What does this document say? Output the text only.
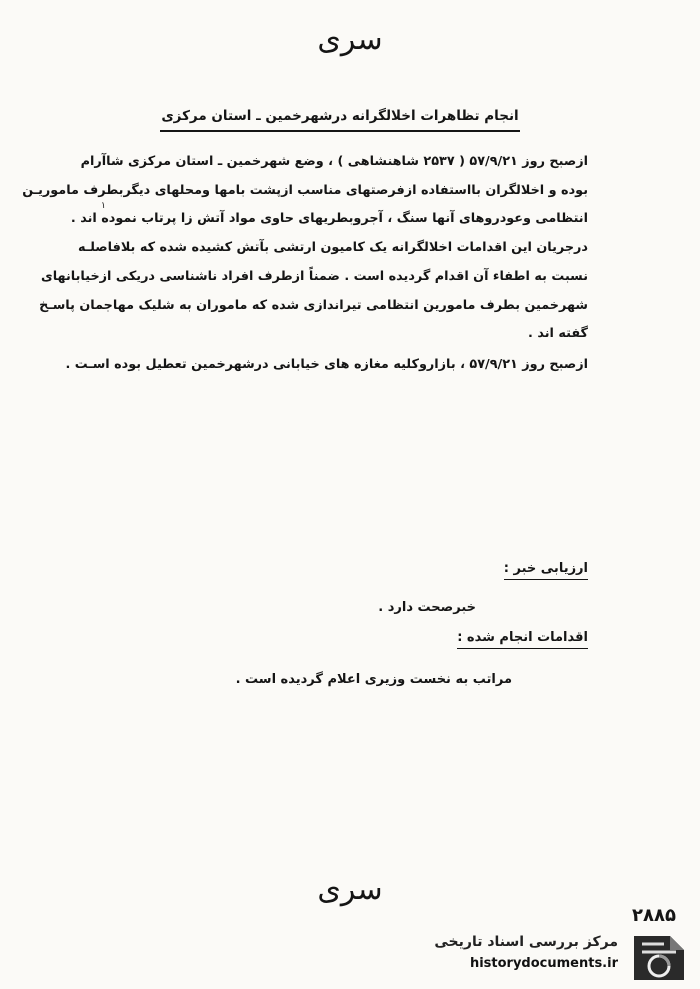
سری
انجام تظاهرات اخلالگرانه درشهرخمین ـ استان مرکزی
ازصبح روز ۵۷/۹/۲۱ ( ۲۵۳۷ شاهنشاهی ) ، وضع شهرخمین ـ استان مرکزی شاآرام
بوده و اخلالگران بااستفاده ازفرصتهای مناسب ازپشت بامها ومحلهای دیگربطرف ماموریـن
انتظامی وعودروهای آنها سنگ ، آجروبطریهای حاوی مواد آتش زا پرتاب نموده اند .
۱
درجریان این اقدامات اخلالگرانه یک کامیون ارتشی بآتش کشیده شده که بلافاصلـه
نسبت به اطفاء آن اقدام گردیده است . ضمناً ازطرف افراد ناشناسی دریکی ازخیابانهای
شهرخمین بطرف مامورین انتظامی تیراندازی شده که ماموران به شلیک مهاجمان پاسـخ
گفته اند .
ازصبح روز ۵۷/۹/۲۱ ، بازاروکلیه مغازه های خیابانی درشهرخمین تعطیل بوده اسـت .
ارزیابی خبر :
خبرصحت دارد .
اقدامات انجام شده :
مراتب به نخست وزیری اعلام گردیده است .
سری
۲۸۸۵
مرکز بررسی اسناد تاریخی
historydocuments.ir
